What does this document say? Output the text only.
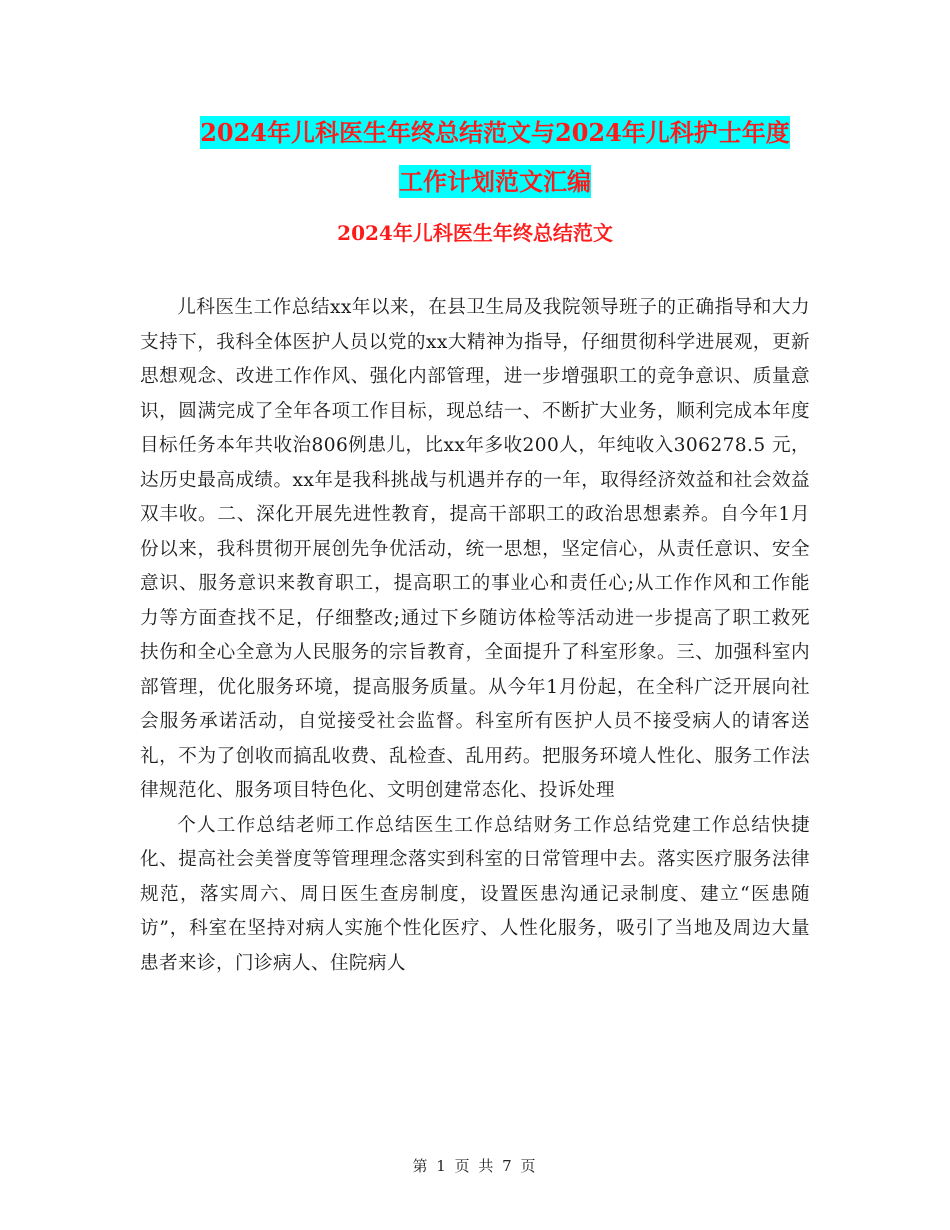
2024年儿科医生年终总结范文与2024年儿科护士年度
工作计划范文汇编
2024年儿科医生年终总结范文

儿科医生工作总结xx年以来，在县卫生局及我院领导班子的正确指导和大力支持下，我科全体医护人员以党的xx大精神为指导，仔细贯彻科学进展观，更新思想观念、改进工作作风、强化内部管理，进一步增强职工的竞争意识、质量意识，圆满完成了全年各项工作目标，现总结一、不断扩大业务，顺利完成本年度目标任务本年共收治806例患儿，比xx年多收200人，年纯收入306278.5 元，达历史最高成绩。xx年是我科挑战与机遇并存的一年，取得经济效益和社会效益双丰收。二、深化开展先进性教育，提高干部职工的政治思想素养。自今年1月份以来，我科贯彻开展创先争优活动，统一思想，坚定信心，从责任意识、安全意识、服务意识来教育职工，提高职工的事业心和责任心;从工作作风和工作能力等方面查找不足，仔细整改;通过下乡随访体检等活动进一步提高了职工救死扶伤和全心全意为人民服务的宗旨教育，全面提升了科室形象。三、加强科室内部管理，优化服务环境，提高服务质量。从今年1月份起，在全科广泛开展向社会服务承诺活动，自觉接受社会监督。科室所有医护人员不接受病人的请客送礼，不为了创收而搞乱收费、乱检查、乱用药。把服务环境人性化、服务工作法律规范化、服务项目特色化、文明创建常态化、投诉处理

个人工作总结老师工作总结医生工作总结财务工作总结党建工作总结快捷化、提高社会美誉度等管理理念落实到科室的日常管理中去。落实医疗服务法律规范，落实周六、周日医生查房制度，设置医患沟通记录制度、建立“医患随访”，科室在坚持对病人实施个性化医疗、人性化服务，吸引了当地及周边大量患者来诊，门诊病人、住院病人

第 1 页 共 7 页
